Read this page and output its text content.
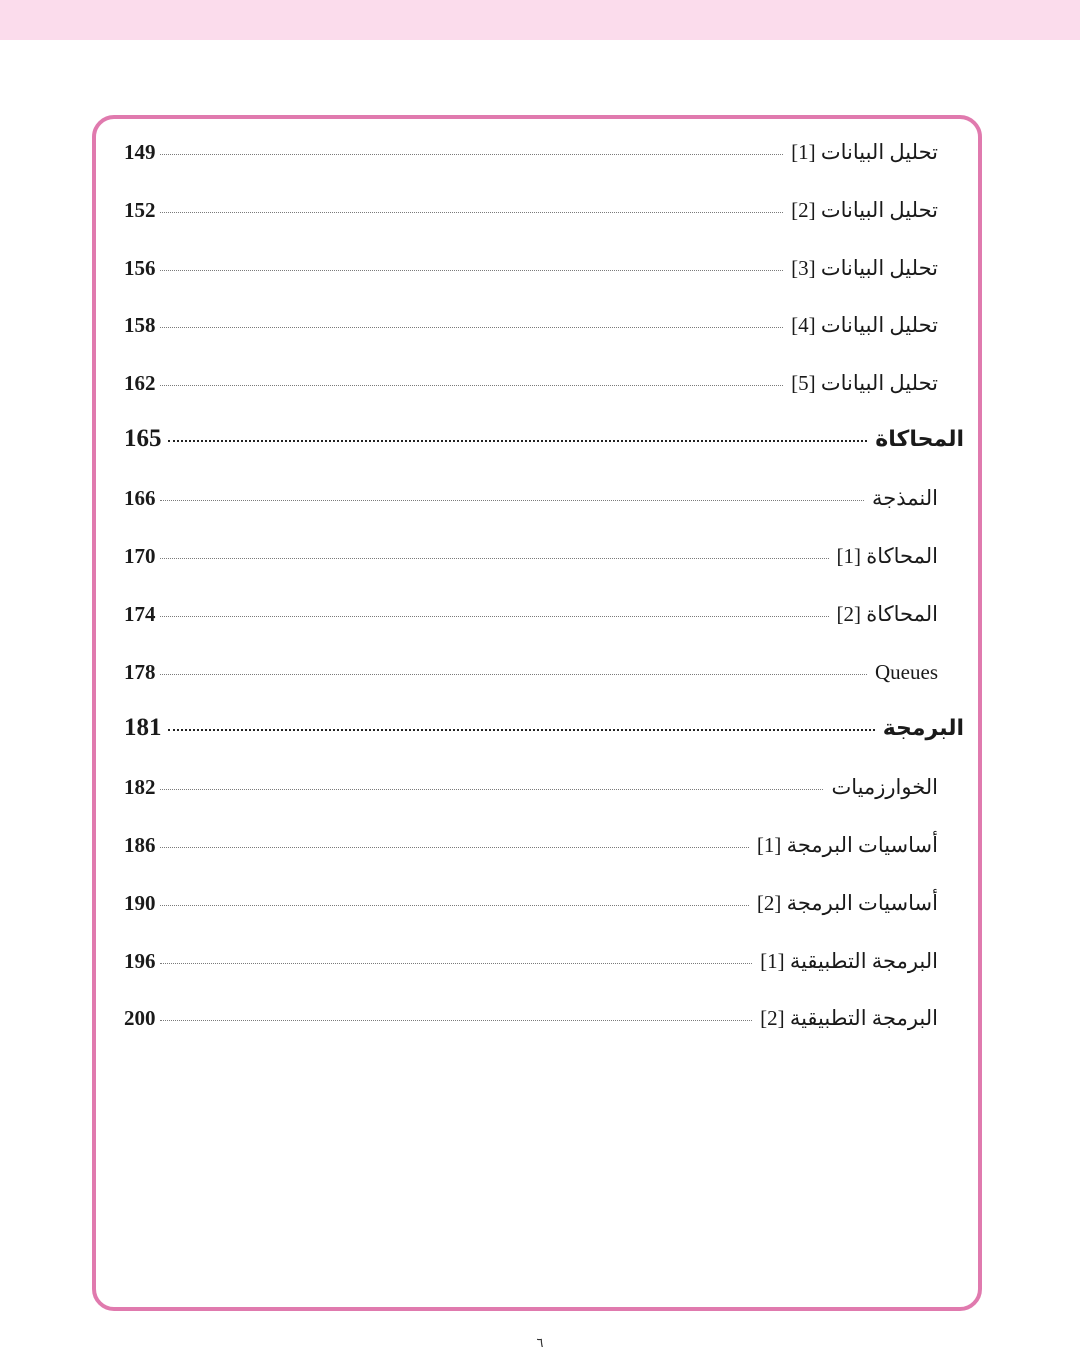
149	تحليل البيانات [1]
152	تحليل البيانات [2]
156	تحليل البيانات [3]
158	تحليل البيانات [4]
162	تحليل البيانات [5]
165	المحاكاة
166	النمذجة
170	المحاكاة [1]
174	المحاكاة [2]
178	Queues
181	البرمجة
182	الخوارزميات
186	أساسيات البرمجة [1]
190	أساسيات البرمجة [2]
196	البرمجة التطبيقية [1]
200	البرمجة التطبيقية [2]
٦
